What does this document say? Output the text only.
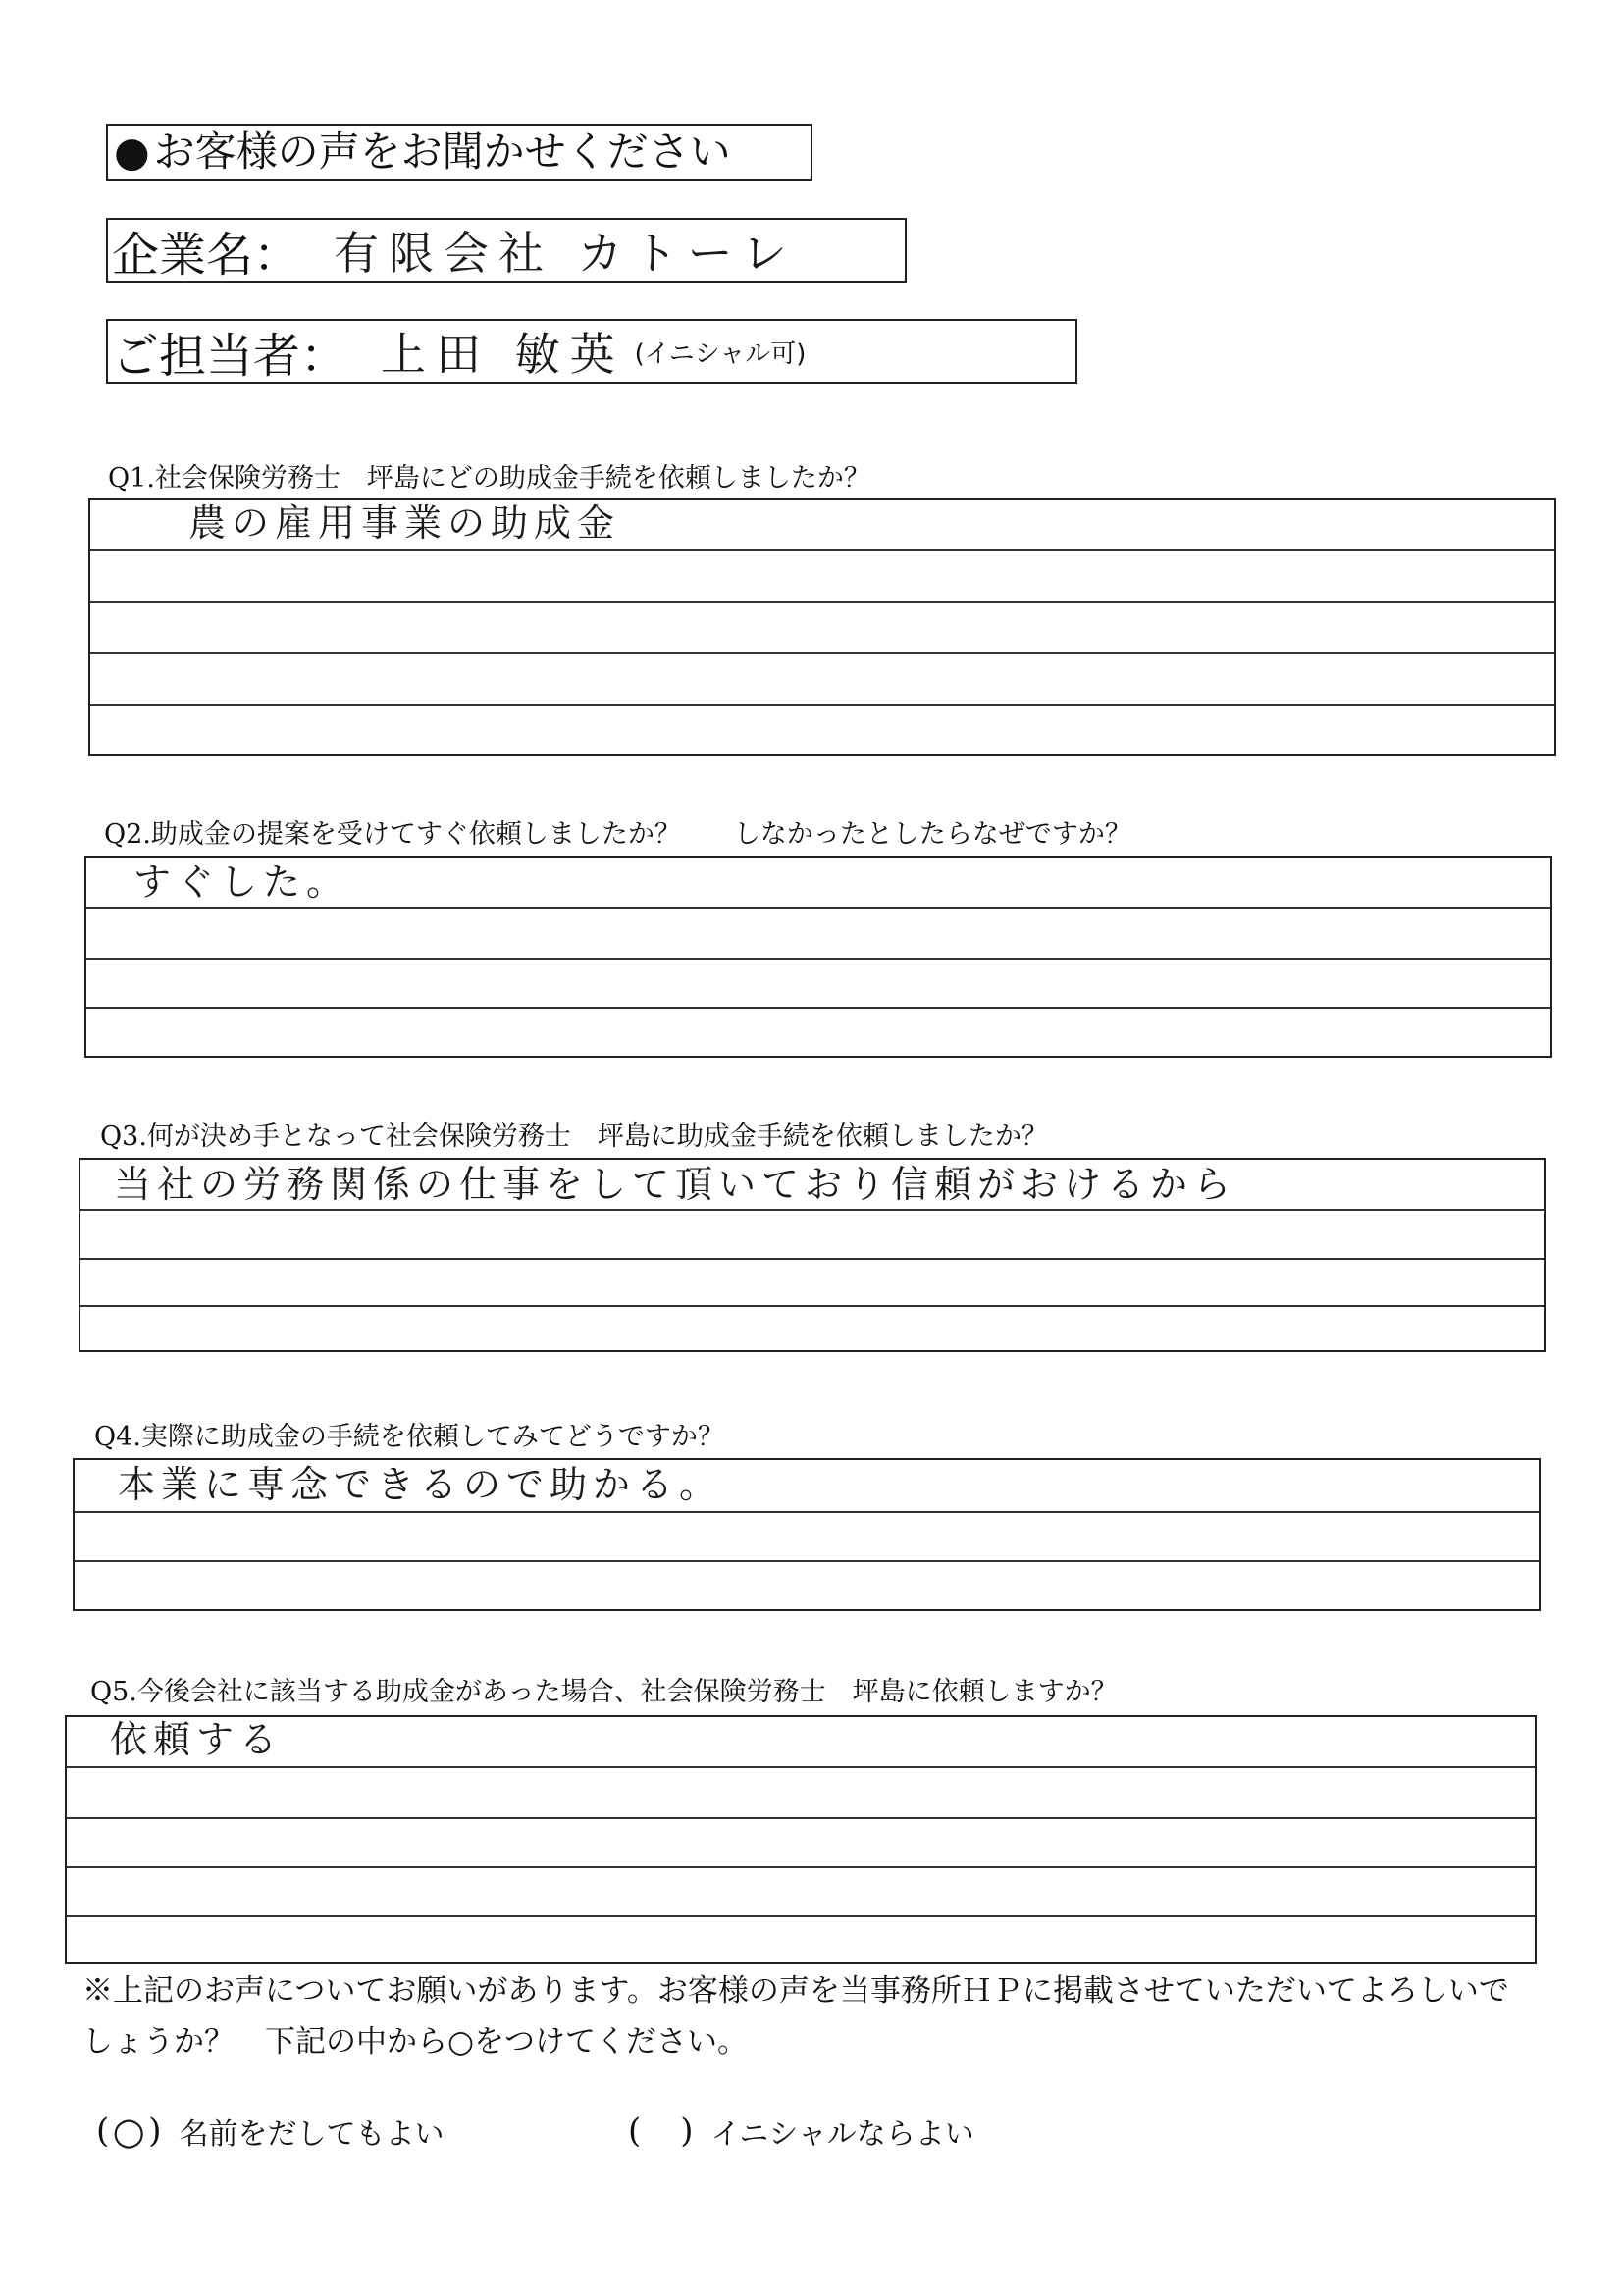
● お客様の声をお聞かせください
企業名： 有限会社 カトーレ
ご担当者： 上田 敏英 (イニシャル可)
Q1.社会保険労務士　坪島にどの助成金手続を依頼しましたか？
農の雇用事業の助成金
Q2.助成金の提案を受けてすぐ依頼しましたか？　　しなかったとしたらなぜですか？
すぐした。
Q3.何が決め手となって社会保険労務士　坪島に助成金手続を依頼しましたか？
当社の労務関係の仕事をして頂いており信頼がおけるから
Q4.実際に助成金の手続を依頼してみてどうですか？
本業に専念できるので助かる。
Q5.今後会社に該当する助成金があった場合、社会保険労務士　坪島に依頼しますか？
依頼する
※上記のお声についてお願いがあります。お客様の声を当事務所ＨＰに掲載させていただいてよろしいでしょうか？　下記の中から○をつけてください。
( ○ ) 名前をだしてもよい	( ) イニシャルならよい
